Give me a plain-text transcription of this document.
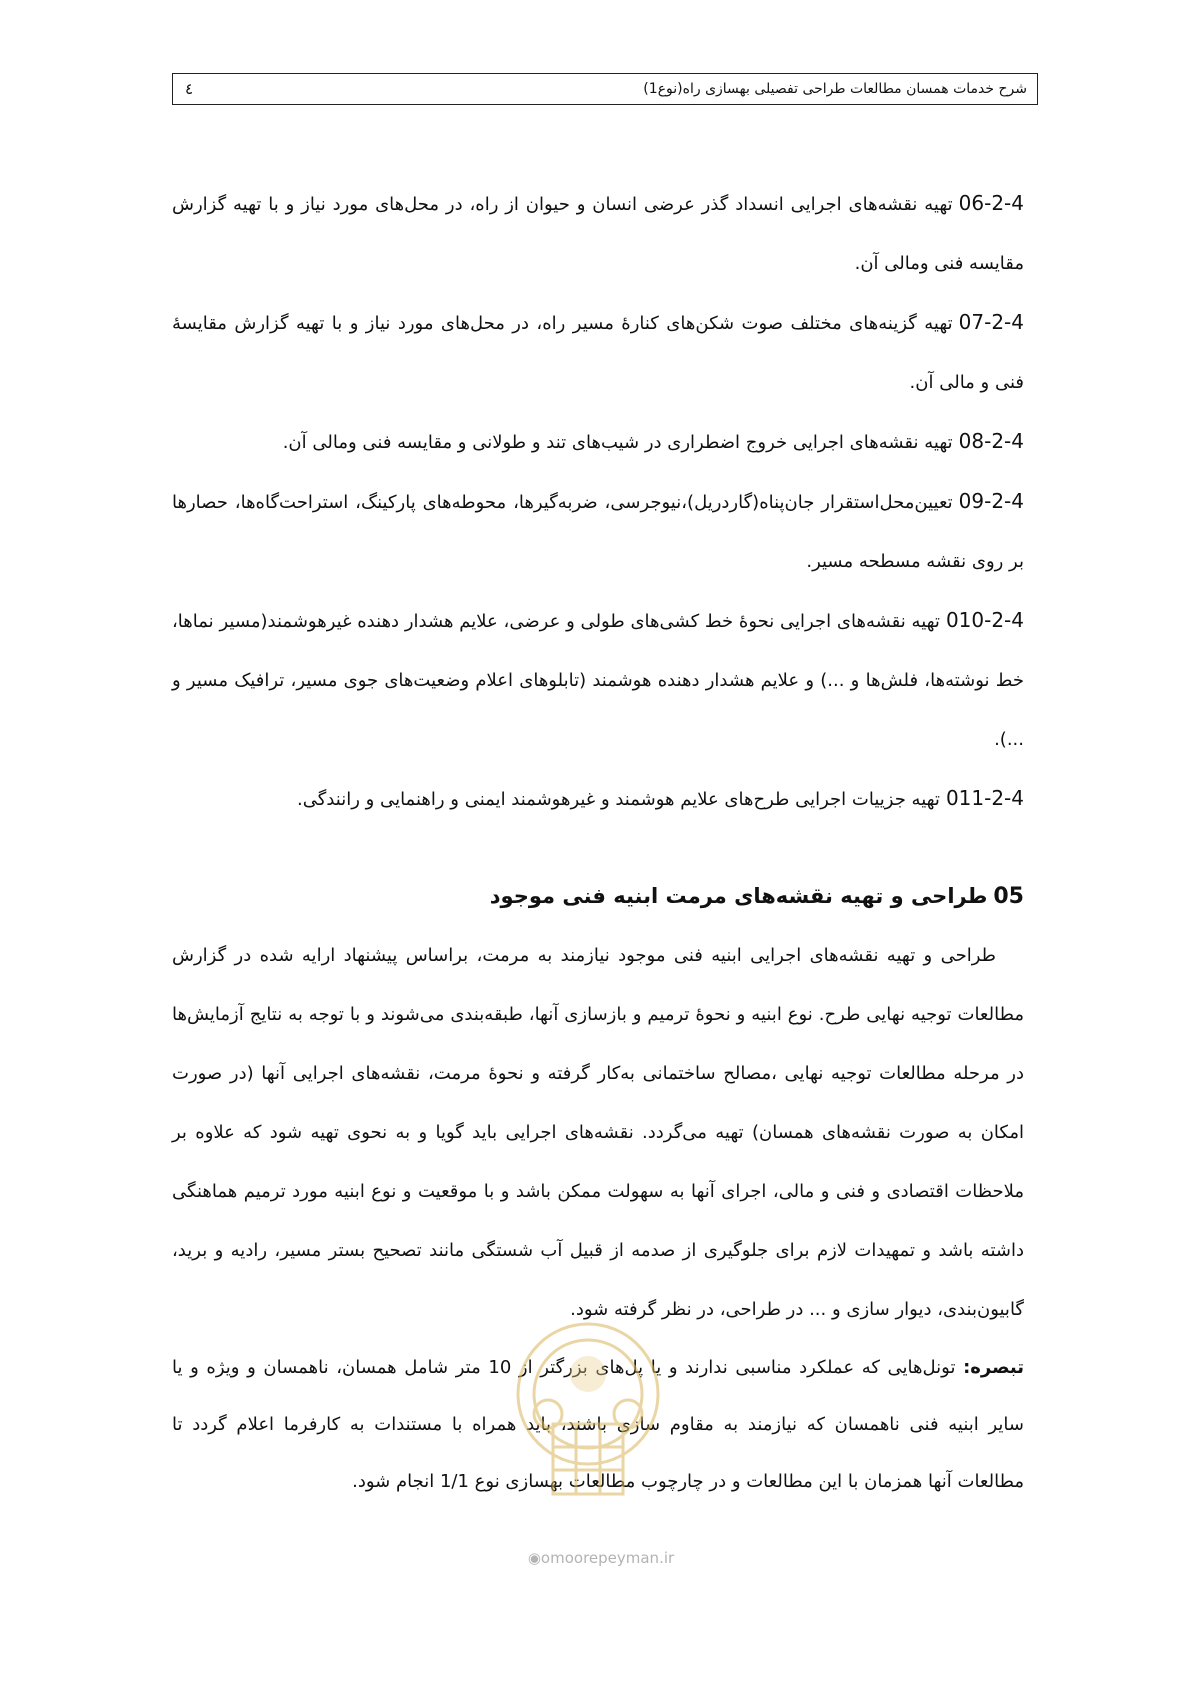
شرح خدمات همسان مطالعات طراحی تفصیلی بهسازی راه(نوع1)
٤

06-2-4تهیه نقشه‌های اجرایی انسداد گذر عرضی انسان و حیوان از راه، در محل‌های مورد نیاز و با تهیه گزارش مقایسه فنی ومالی آن.

07-2-4تهیه گزینه‌های مختلف صوت شکن‌های کنارهٔ مسیر راه، در محل‌های مورد نیاز و با تهیه گزارش مقایسهٔ فنی و مالی آن.

08-2-4تهیه نقشه‌های اجرایی خروج اضطراری در شیب‌های تند و طولانی و مقایسه فنی ومالی آن.

09-2-4تعیین‌محل‌استقرار جان‌پناه(گاردریل)،نیوجرسی، ضربه‌گیرها، محوطه‌های پارکینگ، استراحت‌گاه‌ها، حصارها بر روی نقشه مسطحه مسیر.

010-2-4تهیه نقشه‌های اجرایی نحوهٔ خط کشی‌های طولی و عرضی، علایم هشدار دهنده غیرهوشمند(مسیر نماها، خط نوشته‌ها، فلش‌ها و ...) و علایم هشدار دهنده هوشمند (تابلوهای اعلام وضعیت‌های جوی مسیر، ترافیک مسیر و ...).

011-2-4تهیه جزییات اجرایی طرح‌های علایم هوشمند و غیرهوشمند ایمنی و راهنمایی و رانندگی.

05طراحی و تهیه نقشه‌های مرمت ابنیه فنی موجود

طراحی و تهیه نقشه‌های اجرایی ابنیه فنی موجود نیازمند به مرمت، براساس پیشنهاد ارایه شده در گزارش مطالعات توجیه نهایی طرح. نوع ابنیه و نحوهٔ ترمیم و بازسازی آنها، طبقه‌بندی می‌شوند و با توجه به نتایج آزمایش‌ها در مرحله مطالعات توجیه نهایی ،مصالح ساختمانی به‌کار گرفته و نحوهٔ مرمت، نقشه‌های اجرایی آنها (در صورت امکان به صورت نقشه‌های همسان) تهیه می‌گردد. نقشه‌های اجرایی باید گویا و به نحوی تهیه شود که علاوه بر ملاحظات اقتصادی و فنی و مالی، اجرای آنها به سهولت ممکن باشد و با موقعیت و نوع ابنیه مورد ترمیم هماهنگی داشته باشد و تمهیدات لازم برای جلوگیری از صدمه از قبیل آب شستگی مانند تصحیح بستر مسیر، رادیه و برید، گابیون‌بندی، دیوار سازی و ... در طراحی، در نظر گرفته شود.

تبصره: تونل‌هایی که عملکرد مناسبی ندارند و یا پل‌های بزرگتر از 10 متر شامل همسان، ناهمسان و ویژه و یا سایر ابنیه فنی ناهمسان که نیازمند به مقاوم سازی باشند، باید همراه با مستندات به کارفرما اعلام گردد تا مطالعات آنها همزمان با این مطالعات و در چارچوب مطالعات بهسازی نوع 1/1 انجام شود.

◉omoorepeyman.ir
